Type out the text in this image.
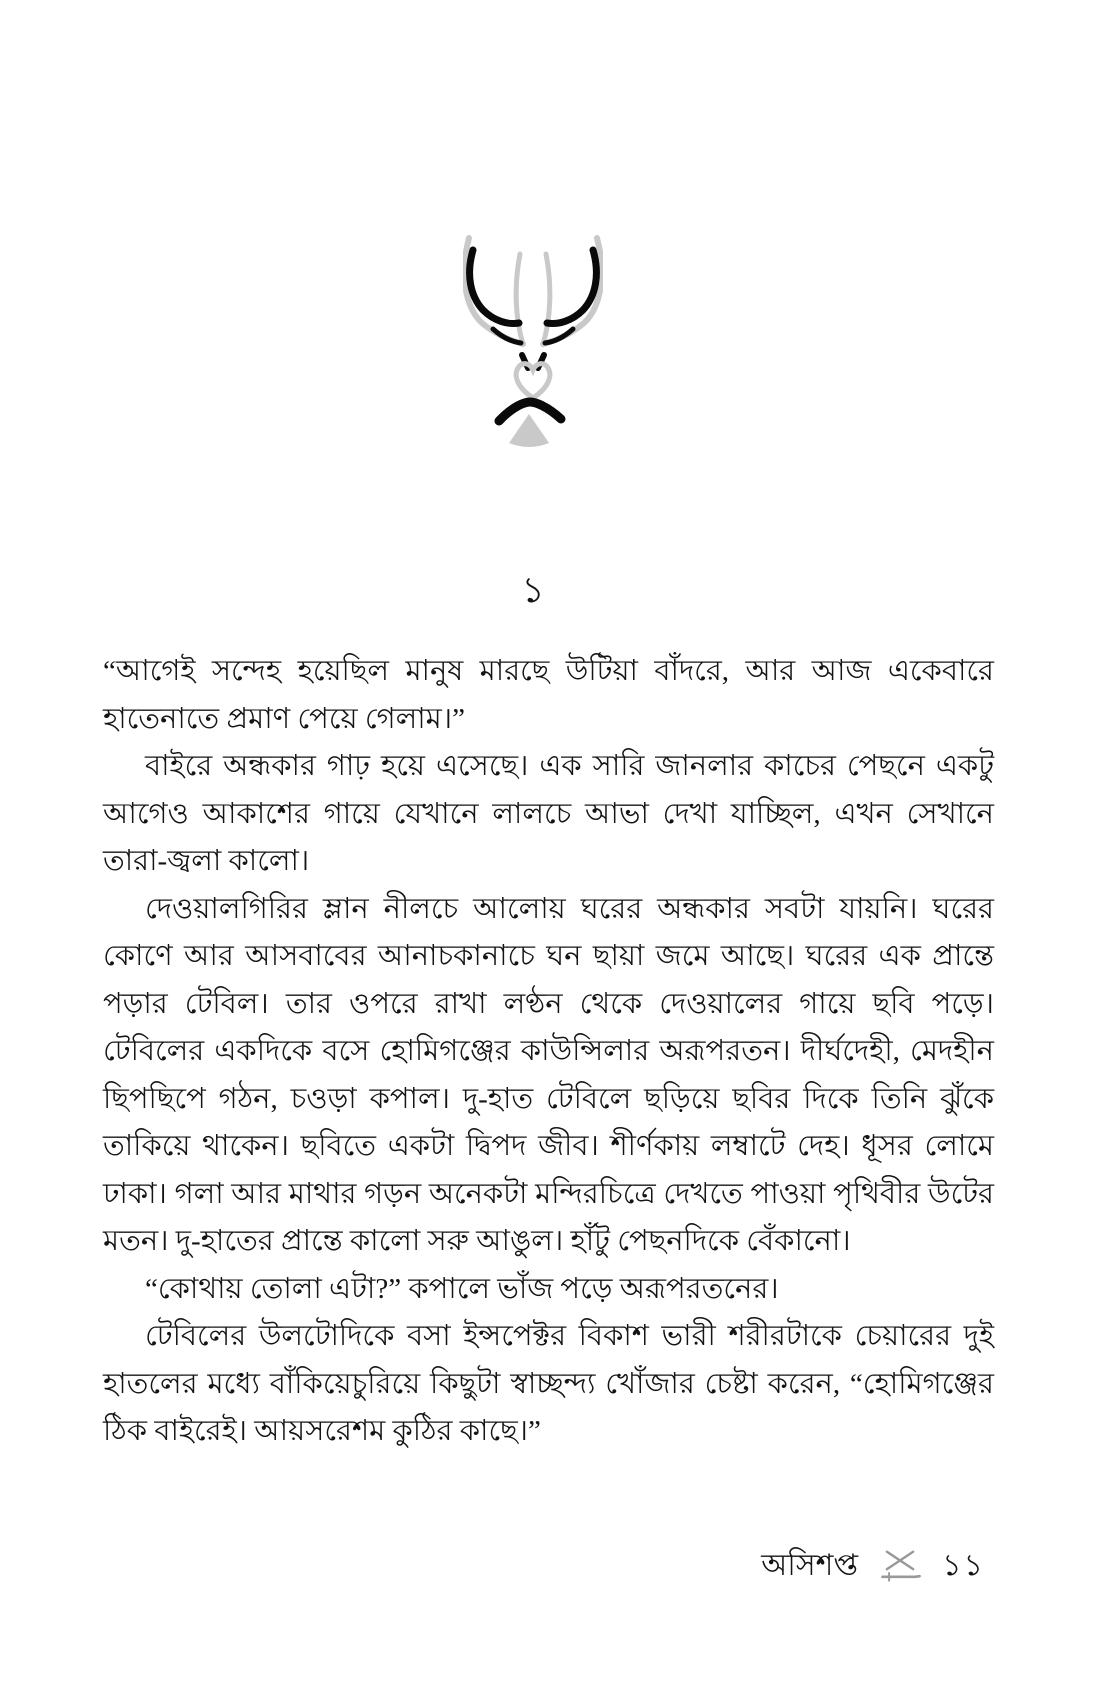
১

“আগেই সন্দেহ হয়েছিল মানুষ মারছে উটিয়া বাঁদরে, আর আজ একেবারে হাতেনাতে প্রমাণ পেয়ে গেলাম।”

বাইরে অন্ধকার গাঢ় হয়ে এসেছে। এক সারি জানলার কাচের পেছনে একটু আগেও আকাশের গায়ে যেখানে লালচে আভা দেখা যাচ্ছিল, এখন সেখানে তারা-জ্বলা কালো।

দেওয়ালগিরির ম্লান নীলচে আলোয় ঘরের অন্ধকার সবটা যায়নি। ঘরের কোণে আর আসবাবের আনাচকানাচে ঘন ছায়া জমে আছে। ঘরের এক প্রান্তে পড়ার টেবিল। তার ওপরে রাখা লণ্ঠন থেকে দেওয়ালের গায়ে ছবি পড়ে। টেবিলের একদিকে বসে হোমিগঞ্জের কাউন্সিলার অরূপরতন। দীর্ঘদেহী, মেদহীন ছিপছিপে গঠন, চওড়া কপাল। দু-হাত টেবিলে ছড়িয়ে ছবির দিকে তিনি ঝুঁকে তাকিয়ে থাকেন। ছবিতে একটা দ্বিপদ জীব। শীর্ণকায় লম্বাটে দেহ। ধূসর লোমে ঢাকা। গলা আর মাথার গড়ন অনেকটা মন্দিরচিত্রে দেখতে পাওয়া পৃথিবীর উটের মতন। দু-হাতের প্রান্তে কালো সরু আঙুল। হাঁটু পেছনদিকে বেঁকানো।

“কোথায় তোলা এটা?” কপালে ভাঁজ পড়ে অরূপরতনের।

টেবিলের উলটোদিকে বসা ইন্সপেক্টর বিকাশ ভারী শরীরটাকে চেয়ারের দুই হাতলের মধ্যে বাঁকিয়েচুরিয়ে কিছুটা স্বাচ্ছন্দ্য খোঁজার চেষ্টা করেন, “হোমিগঞ্জের ঠিক বাইরেই। আয়সরেশম কুঠির কাছে।”

অসিশপ্ত	১১
